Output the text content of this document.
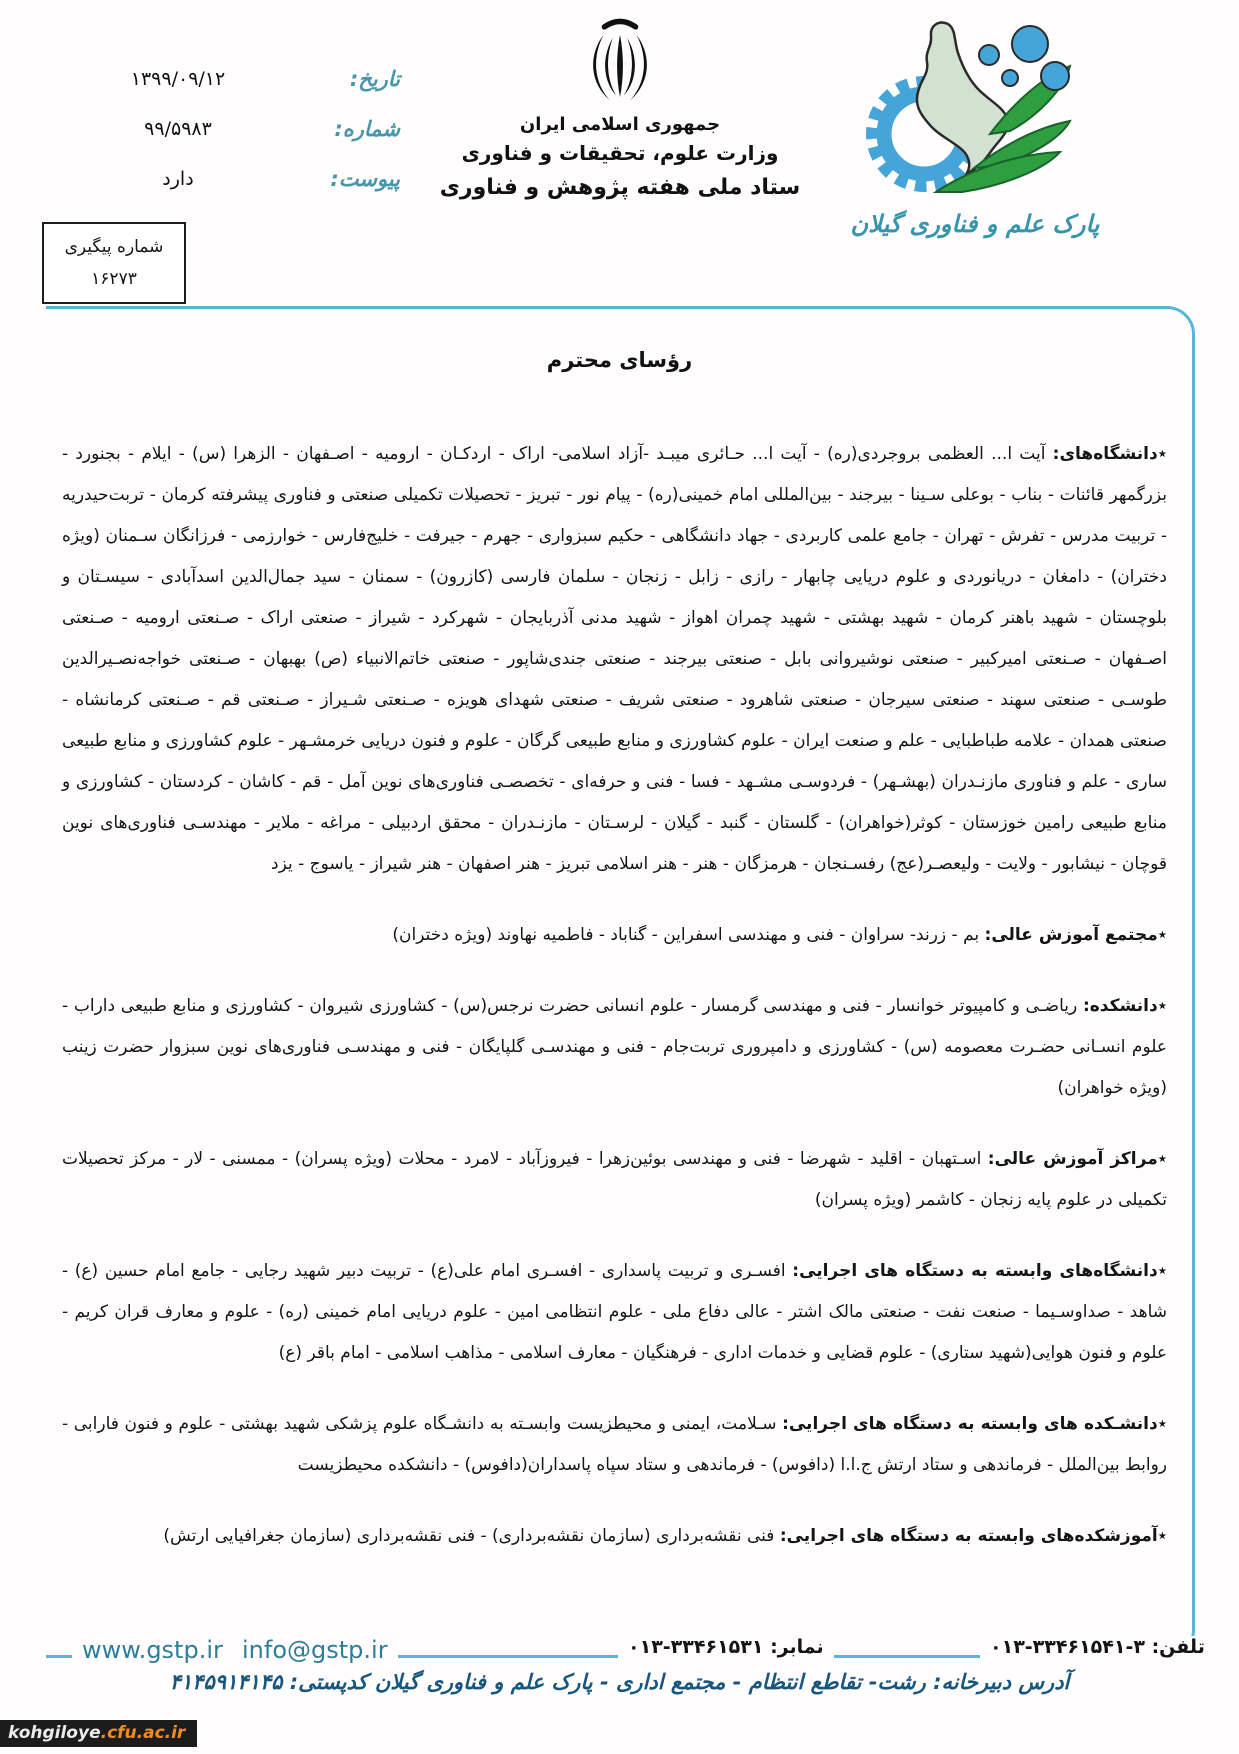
تاریخ:
۱۳۹۹/۰۹/۱۲
شماره:
۹۹/۵۹۸۳
پیوست:
دارد
شماره پیگیری
۱۶۲۷۳
جمهوری اسلامی ایران
وزارت علوم، تحقیقات و فناوری
ستاد ملی هفته پژوهش و فناوری
پارک علم و فناوری گیلان
رؤسای محترم

٭دانشگاه‌های: آیت ا... العظمی بروجردی(ره) - آیت ا... حـائری میبـد -آزاد اسلامی- اراک - اردکـان - ارومیه - اصـفهان - الزهرا (س) - ایلام - بجنورد - بزرگمهر قائنات - بناب - بوعلی سـینا - بیرجند - بین‌المللی امام خمینی(ره) - پیام نور - تبریز - تحصیلات تکمیلی صنعتی و فناوری پیشرفته کرمان - تربت‌حیدریه - تربیت مدرس - تفرش - تهران - جامع علمی کاربردی - جهاد دانشگاهی - حکیم سبزواری - جهرم - جیرفت - خلیج‌فارس - خوارزمی - فرزانگان سـمنان (ویژه دختران) - دامغان - دریانوردی و علوم دریایی چابهار - رازی - زابل - زنجان - سلمان فارسی (کازرون) - سمنان - سید جمال‌الدین اسدآبادی - سیسـتان و بلوچستان - شهید باهنر کرمان - شهید بهشتی - شهید چمران اهواز - شهید مدنی آذربایجان - شهرکرد - شیراز - صنعتی اراک - صـنعتی ارومیه - صـنعتی اصـفهان - صـنعتی امیرکبیر - صنعتی نوشیروانی بابل - صنعتی بیرجند - صنعتی جندی‌شاپور - صنعتی خاتم‌الانبیاء (ص) بهبهان - صـنعتی خواجه‌نصـیرالدین طوسـی - صنعتی سهند - صنعتی سیرجان - صنعتی شاهرود - صنعتی شریف - صنعتی شهدای هویزه - صـنعتی شـیراز - صـنعتی قم - صـنعتی کرمانشاه - صنعتی همدان - علامه طباطبایی - علم و صنعت ایران - علوم کشاورزی و منابع طبیعی گرگان - علوم و فنون دریایی خرمشـهر - علوم کشاورزی و منابع طبیعی ساری - علم و فناوری مازنـدران (بهشـهر) - فردوسـی مشـهد - فسا - فنی و حرفه‌ای - تخصصـی فناوری‌های نوین آمل - قم - کاشان - کردستان - کشاورزی و منابع طبیعی رامین خوزستان - کوثر(خواهران) - گلستان - گنبد - گیلان - لرسـتان - مازنـدران - محقق اردبیلی - مراغه - ملایر - مهندسـی فناوری‌های نوین قوچان - نیشابور - ولایت - ولیعصـر(عج) رفسـنجان - هرمزگان - هنر - هنر اسلامی تبریز - هنر اصفهان - هنر شیراز - یاسوج - یزد

٭مجتمع آموزش عالی: بم - زرند- سراوان - فنی و مهندسی اسفراین - گناباد - فاطمیه نهاوند (ویژه دختران)

٭دانشکده: ریاضـی و کامپیوتر خوانسار - فنی و مهندسی گرمسار - علوم انسانی حضرت نرجس(س) - کشاورزی شیروان - کشاورزی و منابع طبیعی داراب - علوم انسـانی حضـرت معصومه (س) - کشاورزی و دامپروری تربت‌جام - فنی و مهندسـی گلپایگان - فنی و مهندسـی فناوری‌های نوین سبزوار حضرت زینب (ویژه خواهران)

٭مراکز آموزش عالی: اسـتهبان - اقلید - شهرضا - فنی و مهندسی بوئین‌زهرا - فیروزآباد - لامرد - محلات (ویژه پسران) - ممسنی - لار - مرکز تحصیلات تکمیلی در علوم پایه زنجان - کاشمر (ویژه پسران)

٭دانشگاه‌های وابسته به دستگاه های اجرایی: افسـری و تربیت پاسداری - افسـری امام علی(ع) - تربیت دبیر شهید رجایی - جامع امام حسین (ع) - شاهد - صداوسـیما - صنعت نفت - صنعتی مالک اشتر - عالی دفاع ملی - علوم انتظامی امین - علوم دریایی امام خمینی (ره) - علوم و معارف قران کریم - علوم و فنون هوایی(شهید ستاری) - علوم قضایی و خدمات اداری - فرهنگیان - معارف اسلامی - مذاهب اسلامی - امام باقر (ع)

٭دانشـکده های وابسته به دستگاه های اجرایی: سـلامت، ایمنی و محیطزیست وابسـته به دانشـگاه علوم پزشکی شهید بهشتی - علوم و فنون فارابی - روابط بین‌الملل - فرماندهی و ستاد ارتش ج.ا.ا (دافوس) - فرماندهی و ستاد سپاه پاسداران(دافوس) - دانشکده محیطزیست

٭آموزشکده‌های وابسته به دستگاه های اجرایی: فنی نقشه‌برداری (سازمان نقشه‌برداری) - فنی نقشه‌برداری (سازمان جغرافیایی ارتش)

www.gstp.ir info@gstp.ir	نمابر: ۰۱۳-۳۳۴۶۱۵۳۱	تلفن: ۰۱۳-۳۳۴۶۱۵۴۱-۳
آدرس دبیرخانه: رشت- تقاطع انتظام - مجتمع اداری - پارک علم و فناوری گیلان کدپستی: ۴۱۴۵۹۱۴۱۴۵
kohgiloye.cfu.ac.ir
